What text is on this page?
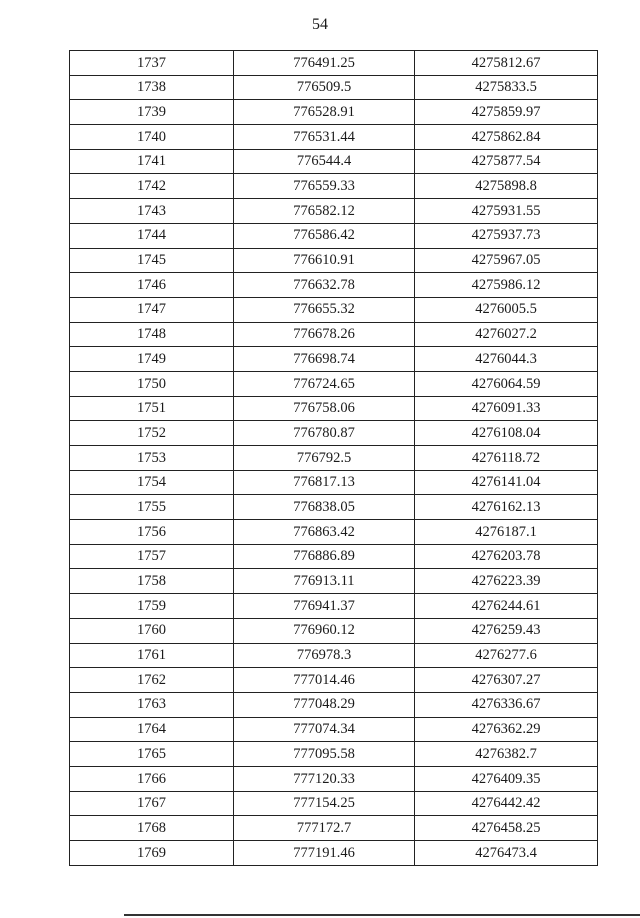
54
1737	776491.25	4275812.67
1738	776509.5	4275833.5
1739	776528.91	4275859.97
1740	776531.44	4275862.84
1741	776544.4	4275877.54
1742	776559.33	4275898.8
1743	776582.12	4275931.55
1744	776586.42	4275937.73
1745	776610.91	4275967.05
1746	776632.78	4275986.12
1747	776655.32	4276005.5
1748	776678.26	4276027.2
1749	776698.74	4276044.3
1750	776724.65	4276064.59
1751	776758.06	4276091.33
1752	776780.87	4276108.04
1753	776792.5	4276118.72
1754	776817.13	4276141.04
1755	776838.05	4276162.13
1756	776863.42	4276187.1
1757	776886.89	4276203.78
1758	776913.11	4276223.39
1759	776941.37	4276244.61
1760	776960.12	4276259.43
1761	776978.3	4276277.6
1762	777014.46	4276307.27
1763	777048.29	4276336.67
1764	777074.34	4276362.29
1765	777095.58	4276382.7
1766	777120.33	4276409.35
1767	777154.25	4276442.42
1768	777172.7	4276458.25
1769	777191.46	4276473.4
